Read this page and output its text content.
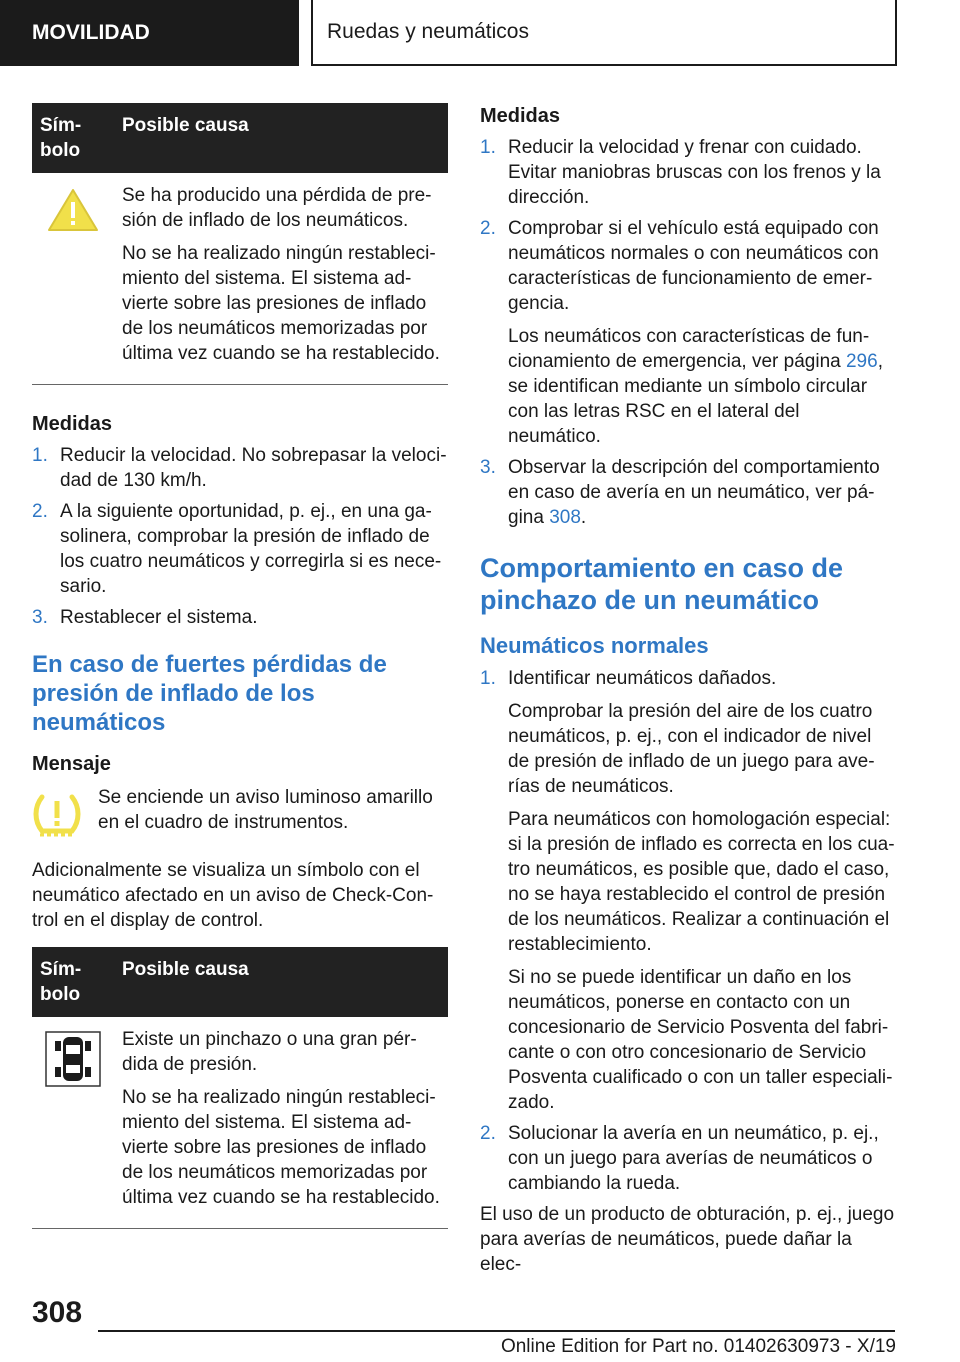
MOVILIDAD	Ruedas y neumáticos
Sím-
bolo
Posible causa

Se ha producido una pérdida de pre-sión de inflado de los neumáticos.

No se ha realizado ningún restableci-miento del sistema. El sistema ad-vierte sobre las presiones de inflado de los neumáticos memorizadas por última vez cuando se ha restablecido.

Medidas
1. Reducir la velocidad. No sobrepasar la veloci-dad de 130 km/h.
2. A la siguiente oportunidad, p. ej., en una ga-solinera, comprobar la presión de inflado de los cuatro neumáticos y corregirla si es nece-sario.
3. Restablecer el sistema.
En caso de fuertes pérdidas de presión de inflado de los neumáticos
Mensaje
Se enciende un aviso luminoso amarillo en el cuadro de instrumentos.

Adicionalmente se visualiza un símbolo con el neumático afectado en un aviso de Check-Con-trol en el display de control.

Sím-
bolo
Posible causa

Existe un pinchazo o una gran pér-dida de presión.

No se ha realizado ningún restableci-miento del sistema. El sistema ad-vierte sobre las presiones de inflado de los neumáticos memorizadas por última vez cuando se ha restablecido.

Medidas
1. Reducir la velocidad y frenar con cuidado. Evitar maniobras bruscas con los frenos y la dirección.
2. Comprobar si el vehículo está equipado con neumáticos normales o con neumáticos con características de funcionamiento de emer-gencia.
Los neumáticos con características de fun-cionamiento de emergencia, ver página 296, se identifican mediante un símbolo circular con las letras RSC en el lateral del neumático.
3. Observar la descripción del comportamiento en caso de avería en un neumático, ver pá-gina 308.
Comportamiento en caso de pinchazo de un neumático
Neumáticos normales
1. Identificar neumáticos dañados.
Comprobar la presión del aire de los cuatro neumáticos, p. ej., con el indicador de nivel de presión de inflado de un juego para ave-rías de neumáticos.
Para neumáticos con homologación especial: si la presión de inflado es correcta en los cua-tro neumáticos, es posible que, dado el caso, no se haya restablecido el control de presión de los neumáticos. Realizar a continuación el restablecimiento.
Si no se puede identificar un daño en los neumáticos, ponerse en contacto con un concesionario de Servicio Posventa del fabri-cante o con otro concesionario de Servicio Posventa cualificado o con un taller especiali-zado.
2. Solucionar la avería en un neumático, p. ej., con un juego para averías de neumáticos o cambiando la rueda.

El uso de un producto de obturación, p. ej., juego para averías de neumáticos, puede dañar la elec-

308
Online Edition for Part no. 01402630973 - X/19
